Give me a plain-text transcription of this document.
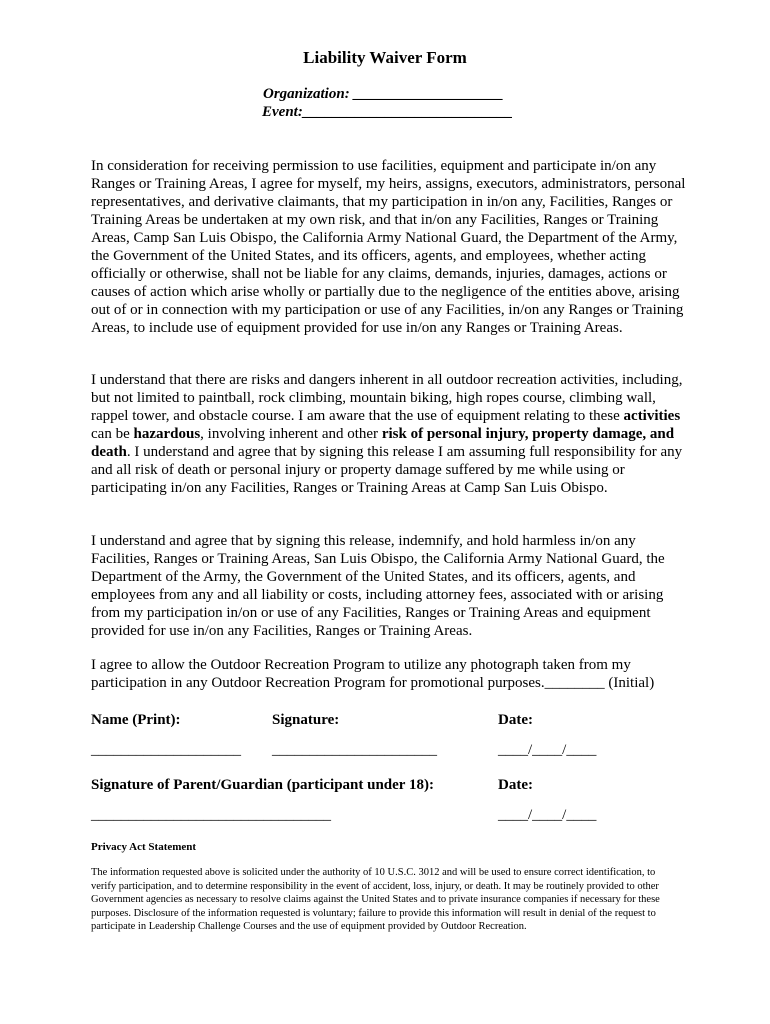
Liability Waiver Form
Organization: ____________________
Event:____________________________

In consideration for receiving permission to use facilities, equipment and participate in/on any Ranges or Training Areas, I agree for myself, my heirs, assigns, executors, administrators, personal representatives, and derivative claimants, that my participation in in/on any, Facilities, Ranges or Training Areas be undertaken at my own risk, and that in/on any Facilities, Ranges or Training Areas, Camp San Luis Obispo, the California Army National Guard, the Department of the Army, the Government of the United States, and its officers, agents, and employees, whether acting officially or otherwise, shall not be liable for any claims, demands, injuries, damages, actions or causes of action which arise wholly or partially due to the negligence of the entities above, arising out of or in connection with my participation or use of any Facilities, in/on any Ranges or Training Areas, to include use of equipment provided for use in/on any Ranges or Training Areas.

I understand that there are risks and dangers inherent in all outdoor recreation activities, including, but not limited to paintball, rock climbing, mountain biking, high ropes course, climbing wall, rappel tower, and obstacle course. I am aware that the use of equipment relating to these activities can be hazardous, involving inherent and other risk of personal injury, property damage, and death. I understand and agree that by signing this release I am assuming full responsibility for any and all risk of death or personal injury or property damage suffered by me while using or participating in/on any Facilities, Ranges or Training Areas at Camp San Luis Obispo.

I understand and agree that by signing this release, indemnify, and hold harmless in/on any Facilities, Ranges or Training Areas, San Luis Obispo, the California Army National Guard, the Department of the Army, the Government of the United States, and its officers, agents, and employees from any and all liability or costs, including attorney fees, associated with or arising from my participation in/on or use of any Facilities, Ranges or Training Areas and equipment provided for use in/on any Facilities, Ranges or Training Areas.

I agree to allow the Outdoor Recreation Program to utilize any photograph taken from my participation in any Outdoor Recreation Program for promotional purposes.________ (Initial)

Name (Print):	Signature:	Date:
____________________ ______________________	____/____/____
Signature of Parent/Guardian (participant under 18):	Date:
________________________________	____/____/____
Privacy Act Statement

The information requested above is solicited under the authority of 10 U.S.C. 3012 and will be used to ensure correct identification, to verify participation, and to determine responsibility in the event of accident, loss, injury, or death. It may be routinely provided to other Government agencies as necessary to resolve claims against the United States and to private insurance companies if necessary for these purposes. Disclosure of the information requested is voluntary; failure to provide this information will result in denial of the request to participate in Leadership Challenge Courses and the use of equipment provided by Outdoor Recreation.
